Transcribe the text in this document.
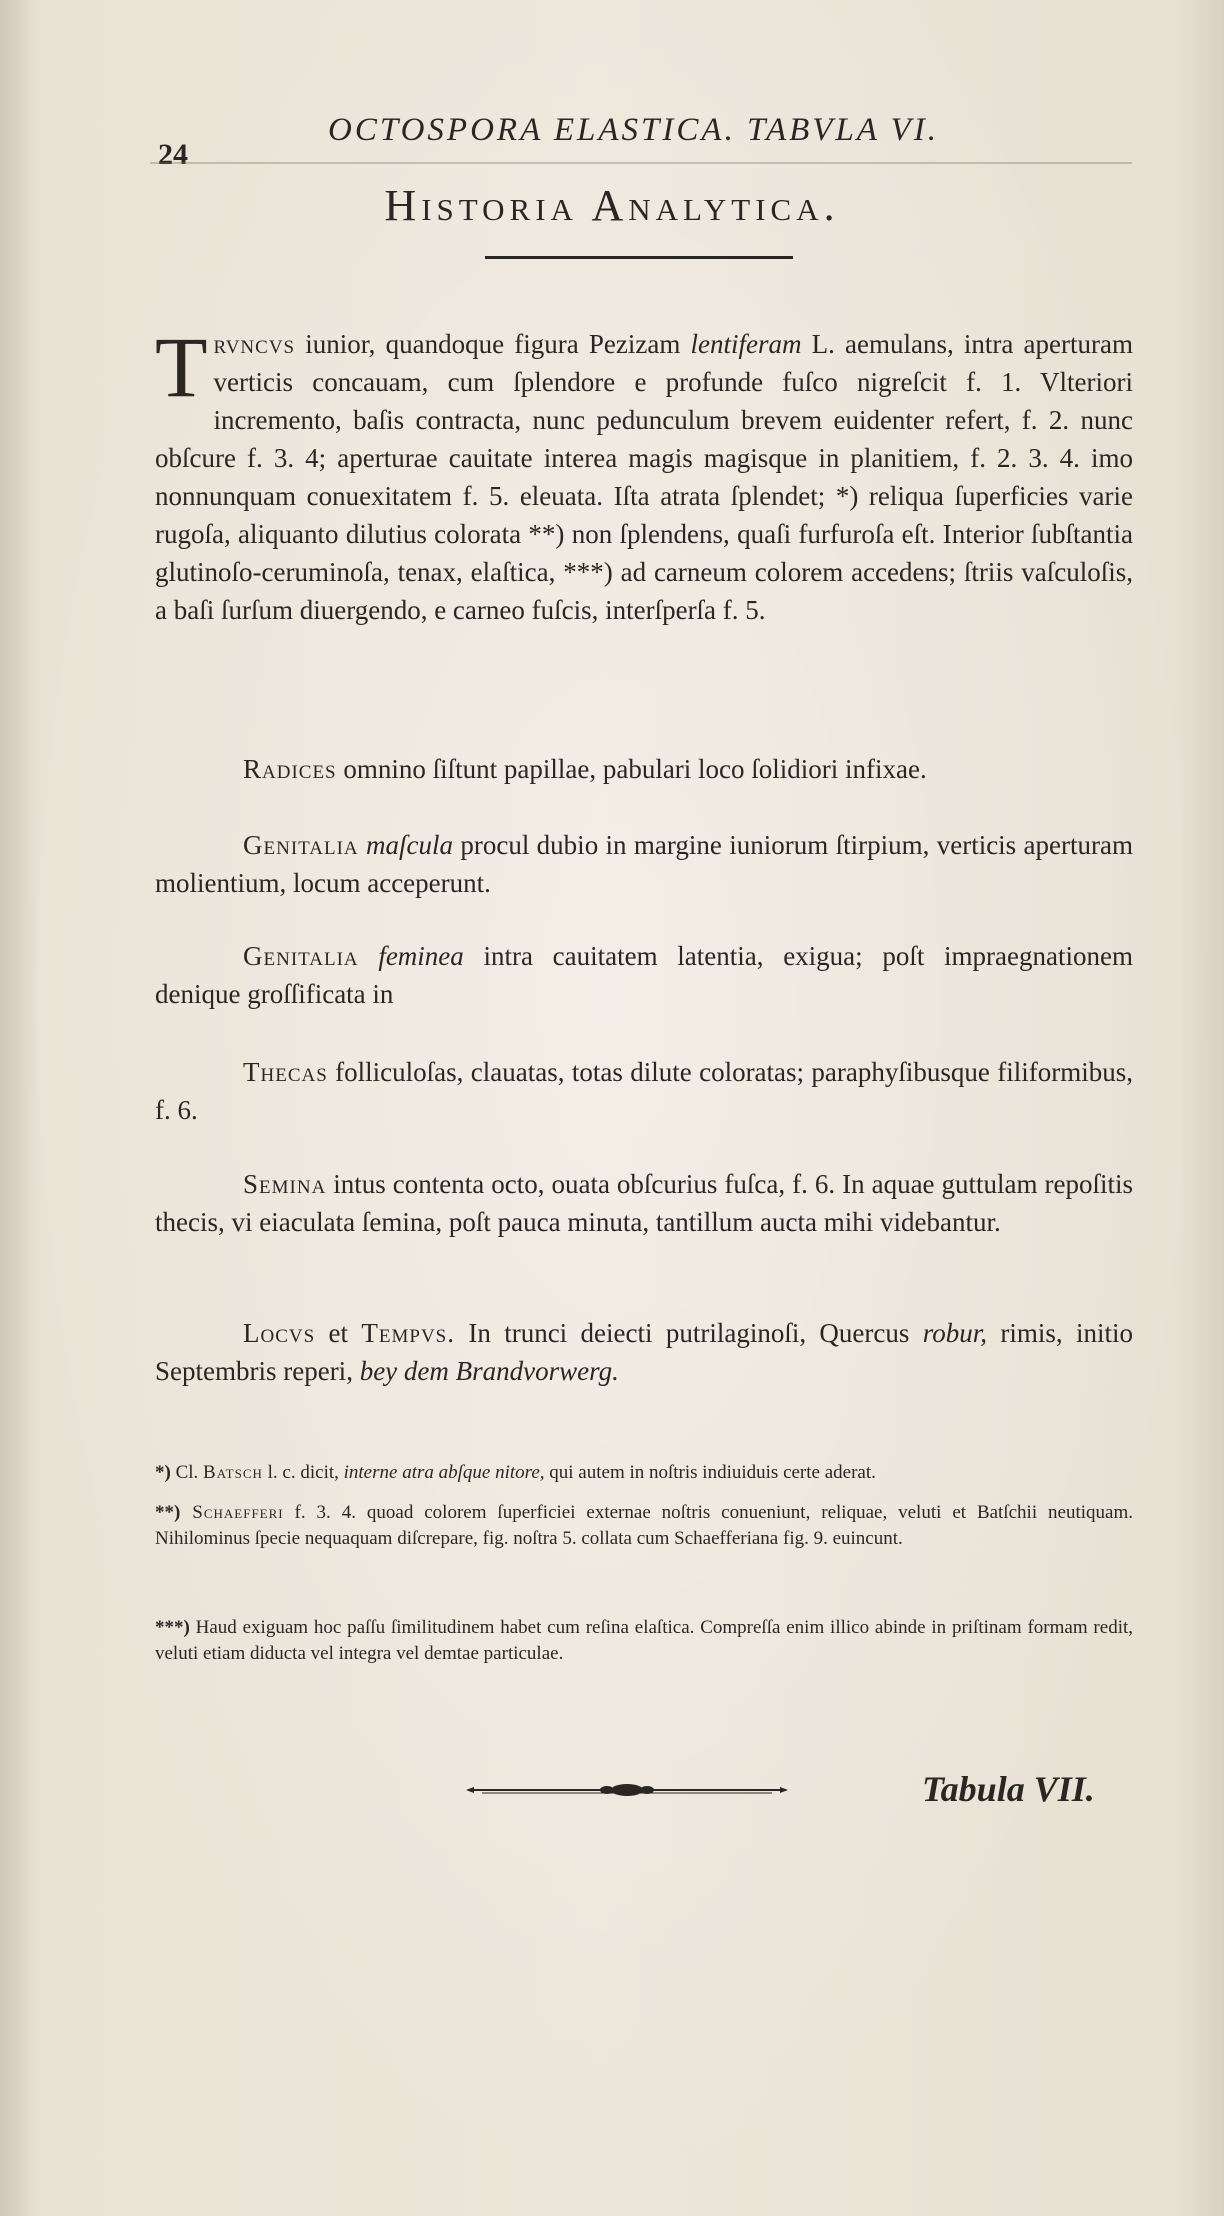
24
OCTOSPORA ELASTICA. TABVLA VI.
Historia Analytica.

Trvncvs iunior, quandoque figura Pezizam lentiferam L. aemulans, intra aperturam verticis concauam, cum ſplendore e profunde fuſco nigreſcit f. 1. Vlteriori incremento, baſis contracta, nunc pedunculum brevem euidenter refert, f. 2. nunc obſcure f. 3. 4; aperturae cauitate interea magis magisque in planitiem, f. 2. 3. 4. imo nonnunquam conuexitatem f. 5. eleuata. Iſta atrata ſplendet; *) reliqua ſuperficies varie rugoſa, aliquanto dilutius colorata **) non ſplendens, quaſi furfuroſa eſt. Interior ſubſtantia glutinoſo-ceruminoſa, tenax, elaſtica, ***) ad carneum colorem accedens; ſtriis vaſculoſis, a baſi ſurſum diuergendo, e carneo fuſcis, interſperſa f. 5.

Radices omnino ſiſtunt papillae, pabulari loco ſolidiori infixae.

Genitalia maſcula procul dubio in margine iuniorum ſtirpium, verticis aperturam molientium, locum acceperunt.

Genitalia feminea intra cauitatem latentia, exigua; poſt impraegnationem denique groſſificata in

Thecas folliculoſas, clauatas, totas dilute coloratas; paraphyſibusque filiformibus, f. 6.

Semina intus contenta octo, ouata obſcurius fuſca, f. 6. In aquae guttulam repoſitis thecis, vi eiaculata ſemina, poſt pauca minuta, tantillum aucta mihi videbantur.

Locvs et Tempvs. In trunci deiecti putrilaginoſi, Quercus robur, rimis, initio Septembris reperi, bey dem Brandvorwerg.

*) Cl. Batsch l. c. dicit, interne atra abſque nitore, qui autem in noſtris indiuiduis certe aderat.

**) Schaefferi f. 3. 4. quoad colorem ſuperficiei externae noſtris conueniunt, reliquae, veluti et Batſchii neutiquam. Nihilominus ſpecie nequaquam diſcrepare, fig. noſtra 5. collata cum Schaefferiana fig. 9. euincunt.

***) Haud exiguam hoc paſſu ſimilitudinem habet cum reſina elaſtica. Compreſſa enim illico abinde in priſtinam formam redit, veluti etiam diducta vel integra vel demtae particulae.

Tabula VII.
